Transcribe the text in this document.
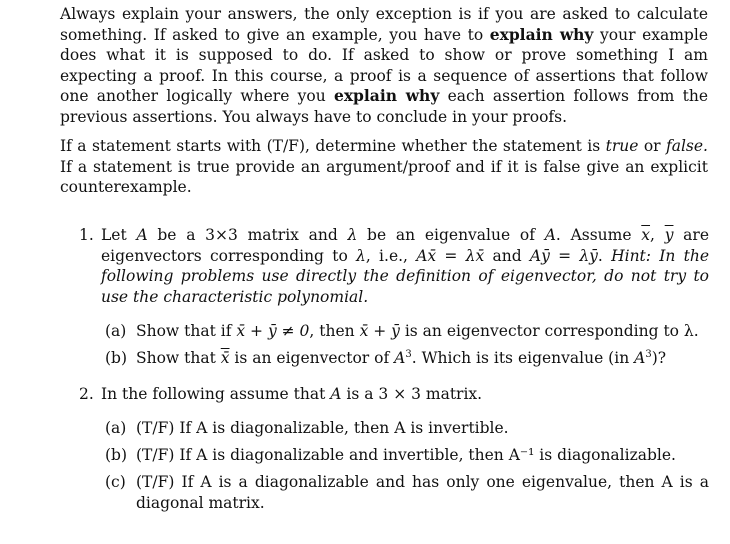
Always explain your answers, the only exception is if you are asked to calculate something. If asked to give an example, you have to explain why your example does what it is supposed to do. If asked to show or prove something I am expecting a proof. In this course, a proof is a sequence of assertions that follow one another logically where you explain why each assertion follows from the previous assertions. You always have to conclude in your proofs.

If a statement starts with (T/F), determine whether the statement is true or false. If a statement is true provide an argument/proof and if it is false give an explicit counterexample.

1. Let A be a 3×3 matrix and λ be an eigenvalue of A. Assume $\overline{x}$, $\overline{y}$ are eigenvectors corresponding to λ, i.e., Ax̄ = λx̄ and Aȳ = λȳ. Hint: In the following problems use directly the definition of eigenvector, do not try to use the characteristic polynomial.
(a) Show that if x̄ + ȳ ≠ 0, then x̄ + ȳ is an eigenvector corresponding to λ.
(b) Show that x̄ is an eigenvector of $A^3$. Which is its eigenvalue (in $A^3$)?
2. In the following assume that A is a 3 × 3 matrix.
(a) (T/F) If A is diagonalizable, then A is invertible.
(b) (T/F) If A is diagonalizable and invertible, then A⁻¹ is diagonalizable.
(c) (T/F) If A is a diagonalizable and has only one eigenvalue, then A is a diagonal matrix.
